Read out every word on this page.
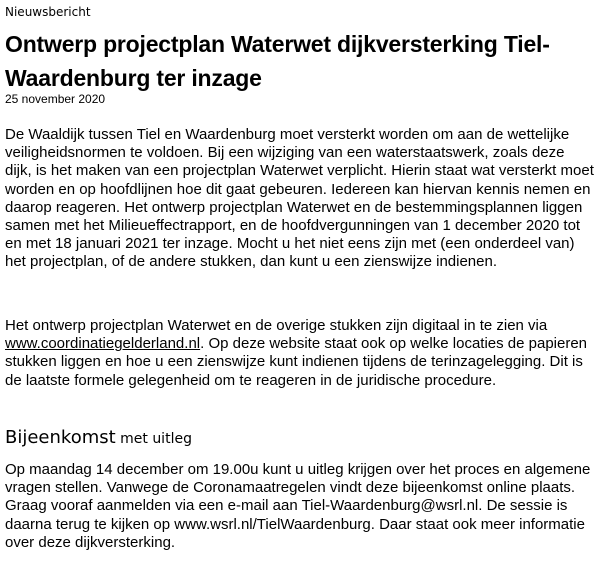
Nieuwsbericht
Ontwerp projectplan Waterwet dijkversterking Tiel-Waardenburg ter inzage
25 november 2020

De Waaldijk tussen Tiel en Waardenburg moet versterkt worden om aan de wettelijke veiligheidsnormen te voldoen. Bij een wijziging van een waterstaatswerk, zoals deze dijk, is het maken van een projectplan Waterwet verplicht. Hierin staat wat versterkt moet worden en op hoofdlijnen hoe dit gaat gebeuren. Iedereen kan hiervan kennis nemen en daarop reageren. Het ontwerp projectplan Waterwet en de bestemmingsplannen liggen samen met het Milieueffectrapport, en de hoofdvergunningen van 1 december 2020 tot en met 18 januari 2021 ter inzage. Mocht u het niet eens zijn met (een onderdeel van) het projectplan, of de andere stukken, dan kunt u een zienswijze indienen.

Het ontwerp projectplan Waterwet en de overige stukken zijn digitaal in te zien via www.coordinatiegelderland.nl. Op deze website staat ook op welke locaties de papieren stukken liggen en hoe u een zienswijze kunt indienen tijdens de terinzagelegging. Dit is de laatste formele gelegenheid om te reageren in de juridische procedure.

Bijeenkomst met uitleg

Op maandag 14 december om 19.00u kunt u uitleg krijgen over het proces en algemene vragen stellen. Vanwege de Coronamaatregelen vindt deze bijeenkomst online plaats. Graag vooraf aanmelden via een e-mail aan Tiel-Waardenburg@wsrl.nl. De sessie is daarna terug te kijken op www.wsrl.nl/TielWaardenburg. Daar staat ook meer informatie over deze dijkversterking.
